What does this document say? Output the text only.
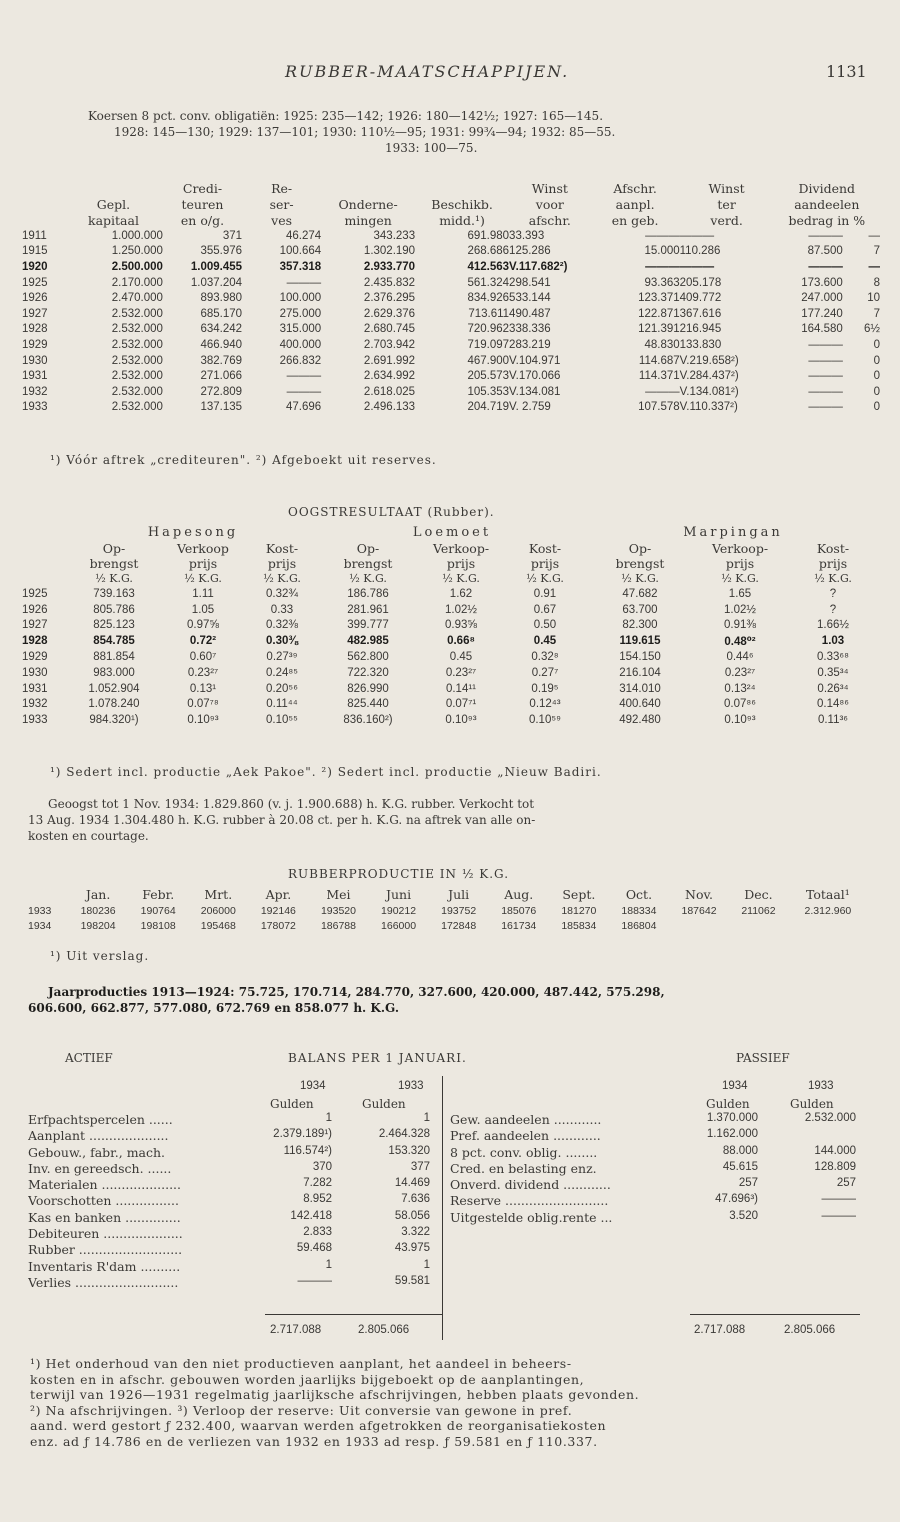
RUBBER-MAATSCHAPPIJEN.	1131
Koersen 8 pct. conv. obligatiën: 1925: 235—142; 1926: 180—142½; 1927: 165—145.
1928: 145—130; 1929: 137—101; 1930: 110½—95; 1931: 99¾—94; 1932: 85—55.
1933: 100—75.
		Credi-	Re-			Winst	Afschr.	Winst	Dividend	
	Gepl.	teuren	ser-	Onderne-	Beschikb.	voor	aanpl.	ter	aandeelen	
	kapitaal	en o/g.	ves	mingen	midd.¹)	afschr.	en geb.	verd.	bedrag in %	
1911	1.000.000	371	46.274	343.233	691.980	33.393	———	———	———	—
1915	1.250.000	355.976	100.664	1.302.190	268.686	125.286	15.000	110.286	87.500	7
1920	2.500.000	1.009.455	357.318	2.933.770	412.563	V.117.682²)	———	———	———	—
1925	2.170.000	1.037.204	———	2.435.832	561.324	298.541	93.363	205.178	173.600	8
1926	2.470.000	893.980	100.000	2.376.295	834.926	533.144	123.371	409.772	247.000	10
1927	2.532.000	685.170	275.000	2.629.376	713.611	490.487	122.871	367.616	177.240	7
1928	2.532.000	634.242	315.000	2.680.745	720.962	338.336	121.391	216.945	164.580	6½
1929	2.532.000	466.940	400.000	2.703.942	719.097	283.219	48.830	133.830	———	0
1930	2.532.000	382.769	266.832	2.691.992	467.900	V.104.971	114.687	V.219.658²)	———	0
1931	2.532.000	271.066	———	2.634.992	205.573	V.170.066	114.371	V.284.437²)	———	0
1932	2.532.000	272.809	———	2.618.025	105.353	V.134.081	———	V.134.081²)	———	0
1933	2.532.000	137.135	47.696	2.496.133	204.719	V. 2.759	107.578	V.110.337²)	———	0
¹) Vóór aftrek „crediteuren". ²) Afgeboekt uit reserves.
OOGSTRESULTAAT (Rubber).
	Hapesong			Loemoet			Marpingan		
	Op-	Verkoop	Kost-	Op-	Verkoop-	Kost-	Op-	Verkoop-	Kost-
	brengst	prijs	prijs	brengst	prijs	prijs	brengst	prijs	prijs
	½ K.G.	½ K.G.	½ K.G.	½ K.G.	½ K.G.	½ K.G.	½ K.G.	½ K.G.	½ K.G.
1925	739.163	1.11	0.32¾	186.786	1.62	0.91	47.682	1.65	?
1926	805.786	1.05	0.33	281.961	1.02½	0.67	63.700	1.02½	?
1927	825.123	0.97⅝	0.32⅜	399.777	0.93⅝	0.50	82.300	0.91⅜	1.66½
1928	854.785	0.72²	0.30⅜	482.985	0.66⁸	0.45	119.615	0.48⁰²	1.03
1929	881.854	0.60⁷	0.27³⁹	562.800	0.45	0.32⁸	154.150	0.44⁶	0.33⁶⁸
1930	983.000	0.23²⁷	0.24⁸⁵	722.320	0.23²⁷	0.27⁷	216.104	0.23²⁷	0.35³⁴
1931	1.052.904	0.13¹	0.20⁵⁶	826.990	0.14¹¹	0.19⁵	314.010	0.13²⁴	0.26³⁴
1932	1.078.240	0.07⁷⁸	0.11⁴⁴	825.440	0.07⁷¹	0.12⁴³	400.640	0.07⁸⁶	0.14⁸⁶
1933	984.320¹)	0.10⁹³	0.10⁵⁵	836.160²)	0.10⁹³	0.10⁵⁹	492.480	0.10⁹³	0.11³⁶
¹) Sedert incl. productie „Aek Pakoe". ²) Sedert incl. productie „Nieuw Badiri.
Geoogst tot 1 Nov. 1934: 1.829.860 (v. j. 1.900.688) h. K.G. rubber. Verkocht tot
13 Aug. 1934 1.304.480 h. K.G. rubber à 20.08 ct. per h. K.G. na aftrek van alle on-
kosten en courtage.
RUBBERPRODUCTIE IN ½ K.G.
	Jan.	Febr.	Mrt.	Apr.	Mei	Juni	Juli	Aug.	Sept.	Oct.	Nov.	Dec.	Totaal¹
1933	180236	190764	206000	192146	193520	190212	193752	185076	181270	188334	187642	211062	2.312.960
1934	198204	198108	195468	178072	186788	166000	172848	161734	185834	186804			
¹) Uit verslag.
Jaarproducties 1913—1924: 75.725, 170.714, 284.770, 327.600, 420.000, 487.442, 575.298,
606.600, 662.877, 577.080, 672.769 en 858.077 h. K.G.
ACTIEF	BALANS PER 1 JANUARI.	PASSIEF
1934	1933
Gulden	Gulden
1934	1933
Gulden	Gulden
Erfpachtspercelen ......	1	1
Aanplant ....................	2.379.189¹)	2.464.328
Gebouw., fabr., mach.	116.574²)	153.320
Inv. en gereedsch. ......	370	377
Materialen ....................	7.282	14.469
Voorschotten ................	8.952	7.636
Kas en banken ..............	142.418	58.056
Debiteuren ....................	2.833	3.322
Rubber ..........................	59.468	43.975
Inventaris R'dam ..........	1	1
Verlies ..........................	———	59.581
Gew. aandeelen ............	1.370.000	2.532.000
Pref. aandeelen ............	1.162.000
8 pct. conv. oblig. ........	88.000	144.000
Cred. en belasting enz.	45.615	128.809
Onverd. dividend ............	257	257
Reserve ..........................	47.696³)	———
Uitgestelde oblig.rente ...	3.520	———
2.717.088	2.805.066	2.717.088	2.805.066
¹) Het onderhoud van den niet productieven aanplant, het aandeel in beheers-
kosten en in afschr. gebouwen worden jaarlijks bijgeboekt op de aanplantingen,
terwijl van 1926—1931 regelmatig jaarlijksche afschrijvingen, hebben plaats gevonden.
²) Na afschrijvingen. ³) Verloop der reserve: Uit conversie van gewone in pref.
aand. werd gestort ƒ 232.400, waarvan werden afgetrokken de reorganisatiekosten
enz. ad ƒ 14.786 en de verliezen van 1932 en 1933 ad resp. ƒ 59.581 en ƒ 110.337.
